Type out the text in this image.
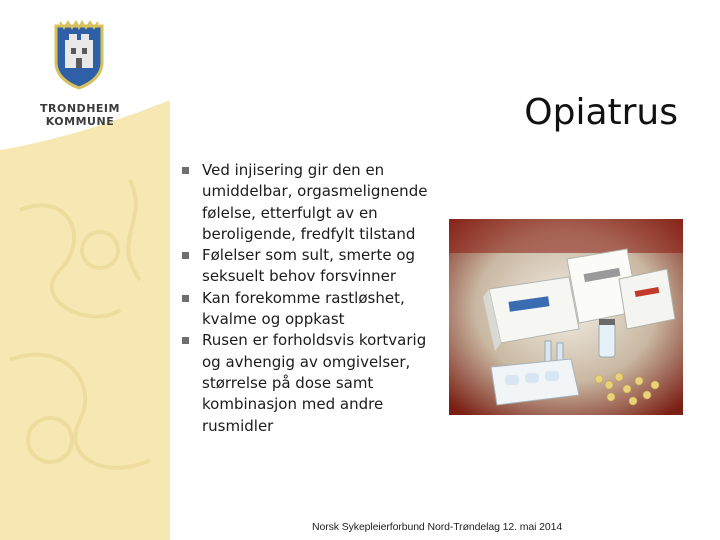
TRONDHEIM
KOMMUNE	Opiatrus
Ved injisering gir den en umiddelbar, orgasmelignende følelse, etterfulgt av en beroligende, fredfylt tilstand
Følelser som sult, smerte og seksuelt behov forsvinner
Kan forekomme rastløshet, kvalme og oppkast
Rusen er forholdsvis kortvarig og avhengig av omgivelser, størrelse på dose samt kombinasjon med andre rusmidler
Norsk Sykepleierforbund Nord-Trøndelag 12. mai 2014
